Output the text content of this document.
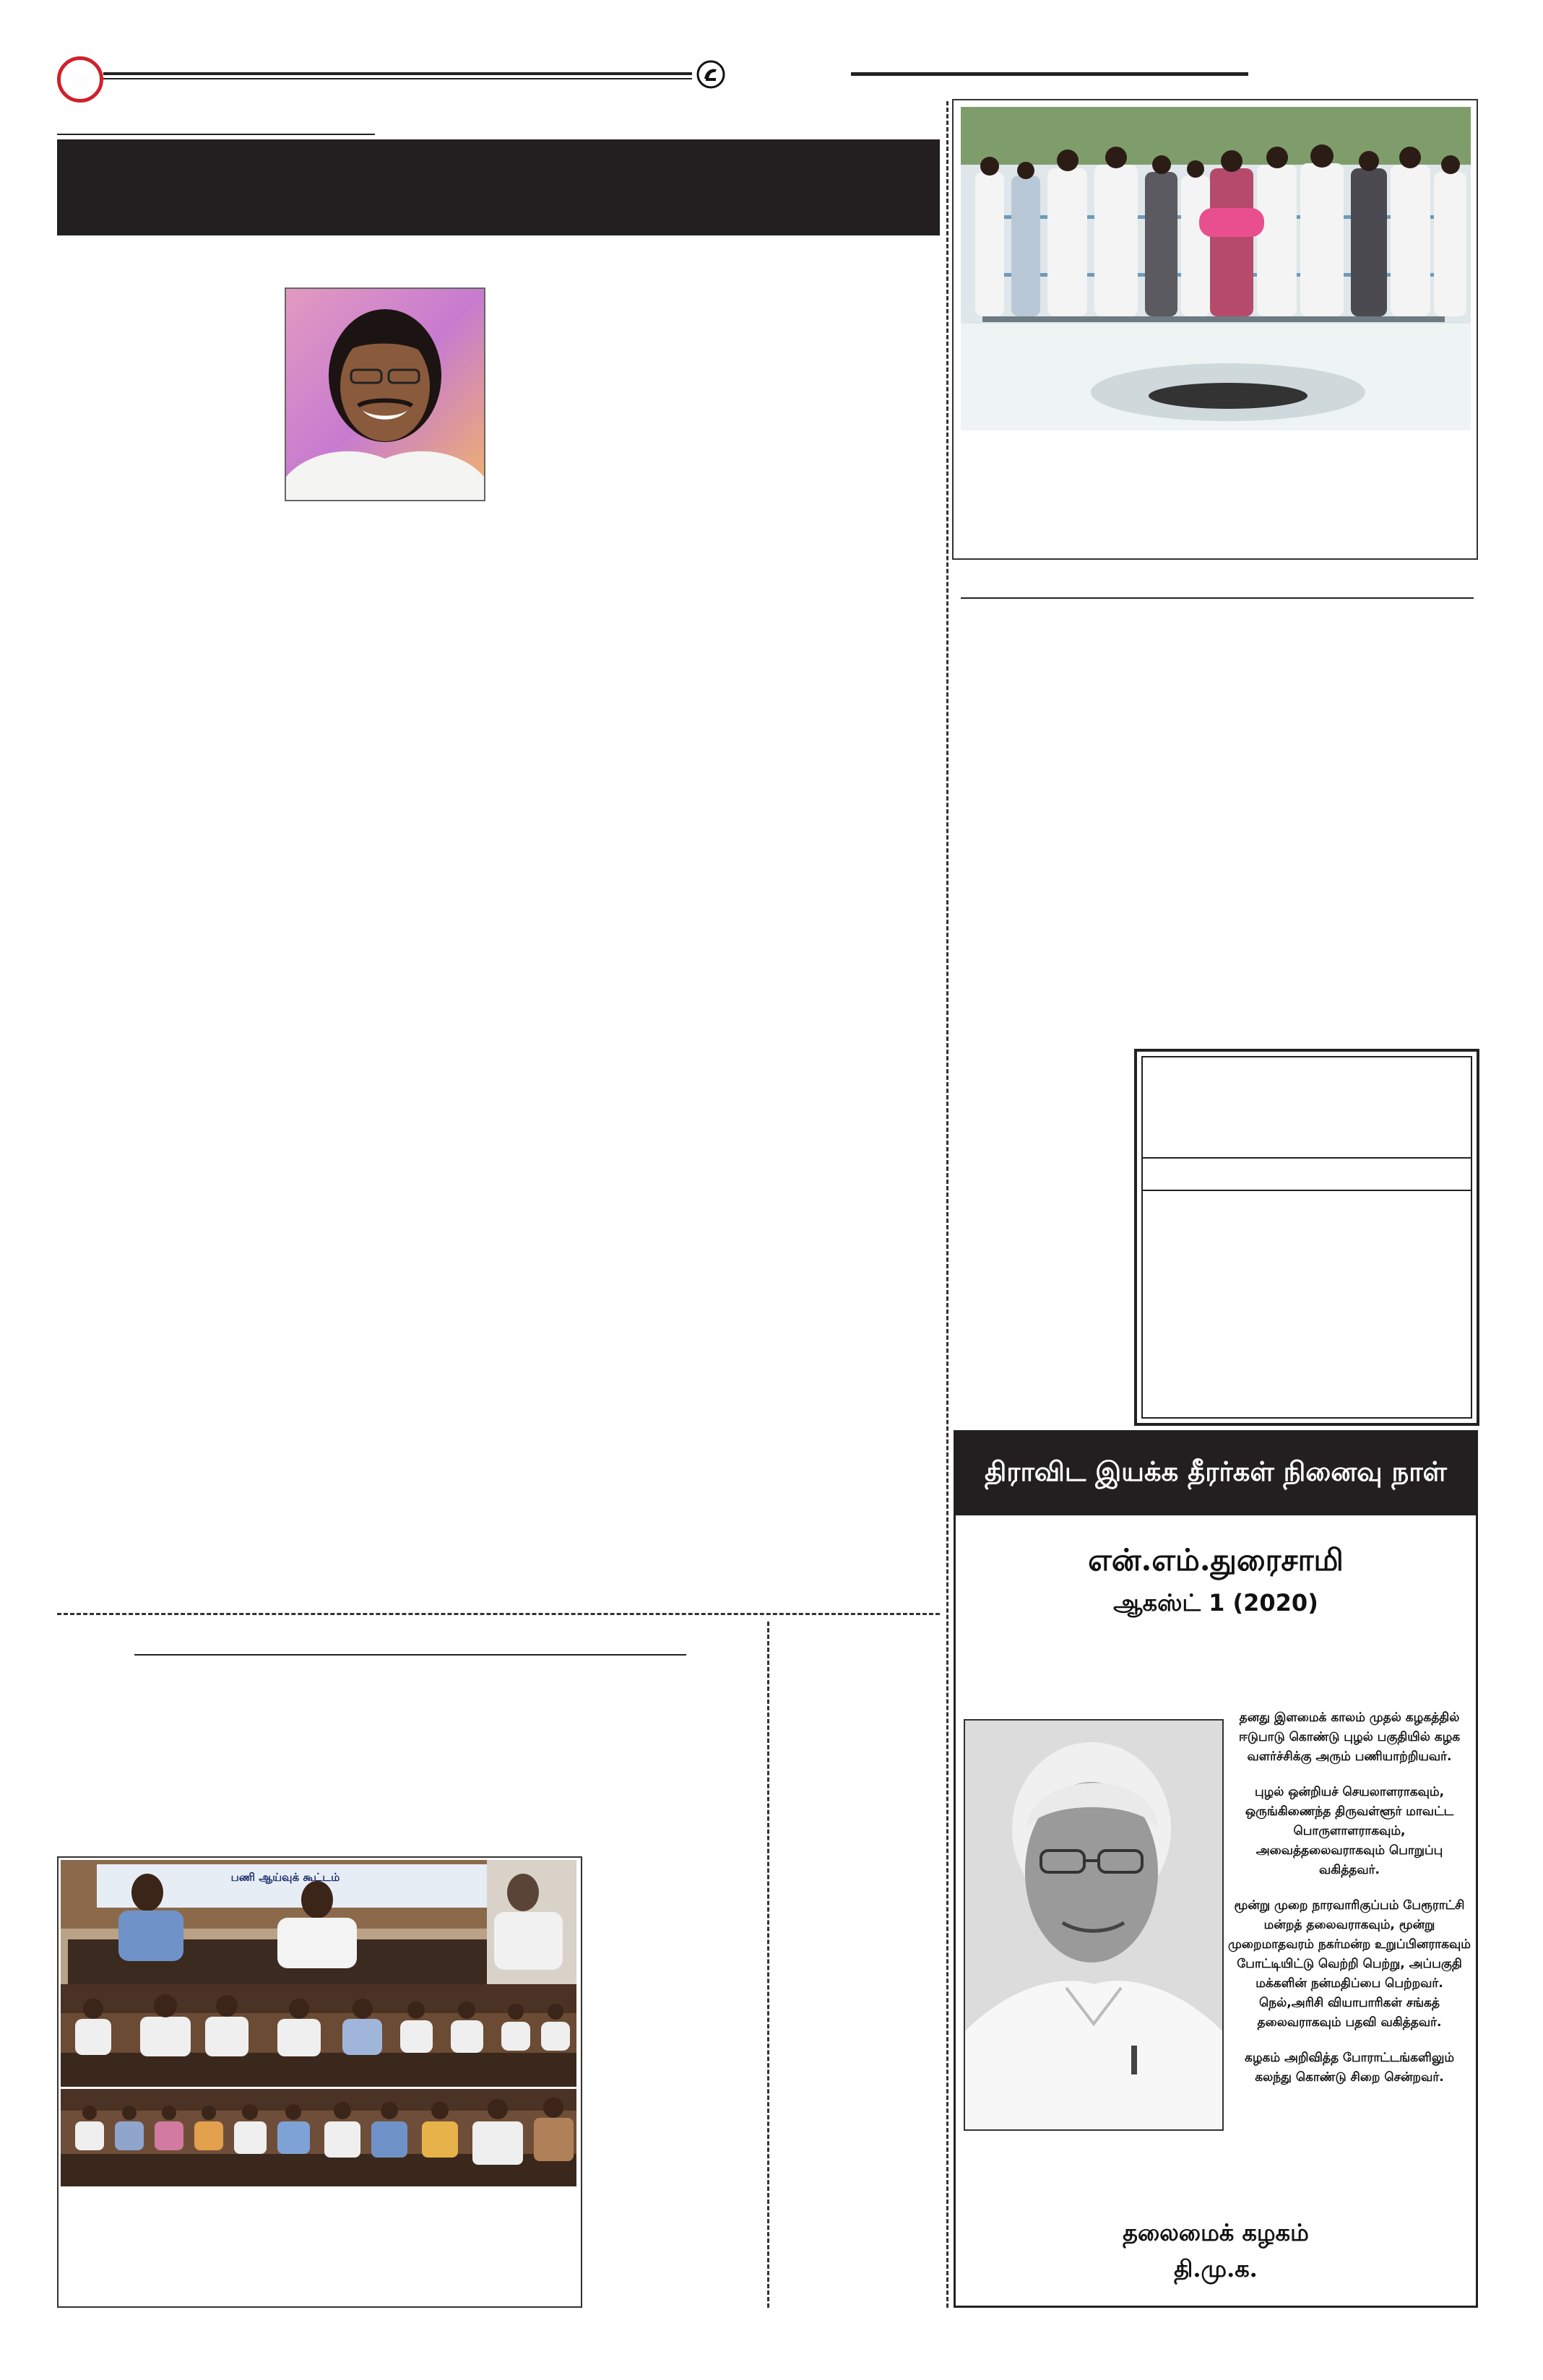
பணி ஆய்வுக் கூட்டம்
திராவிட இயக்க தீரர்கள் நினைவு நாள்
என்.எம்.துரைசாமி
ஆகஸ்ட் 1 (2020)

தனது இளமைக் காலம் முதல் கழகத்தில் ஈடுபாடு கொண்டு புழல் பகுதியில் கழக வளர்ச்சிக்கு அரும் பணியாற்றியவர்.

புழல் ஒன்றியச் செயலாளராகவும், ஒருங்கிணைந்த திருவள்ளூர் மாவட்ட பொருளாளராகவும், அவைத்தலைவராகவும் பொறுப்பு வகித்தவர்.

மூன்று முறை நாரவாரிகுப்பம் பேரூராட்சி மன்றத் தலைவராகவும், மூன்று முறைமாதவரம் நகர்மன்ற உறுப்பினராகவும் போட்டியிட்டு வெற்றி பெற்று, அப்பகுதி மக்களின் நன்மதிப்பை பெற்றவர். நெல்,அரிசி வியாபாரிகள் சங்கத் தலைவராகவும் பதவி வகித்தவர்.

கழகம் அறிவித்த போராட்டங்களிலும் கலந்து கொண்டு சிறை சென்றவர்.

தலைமைக் கழகம்
தி.மு.க.
